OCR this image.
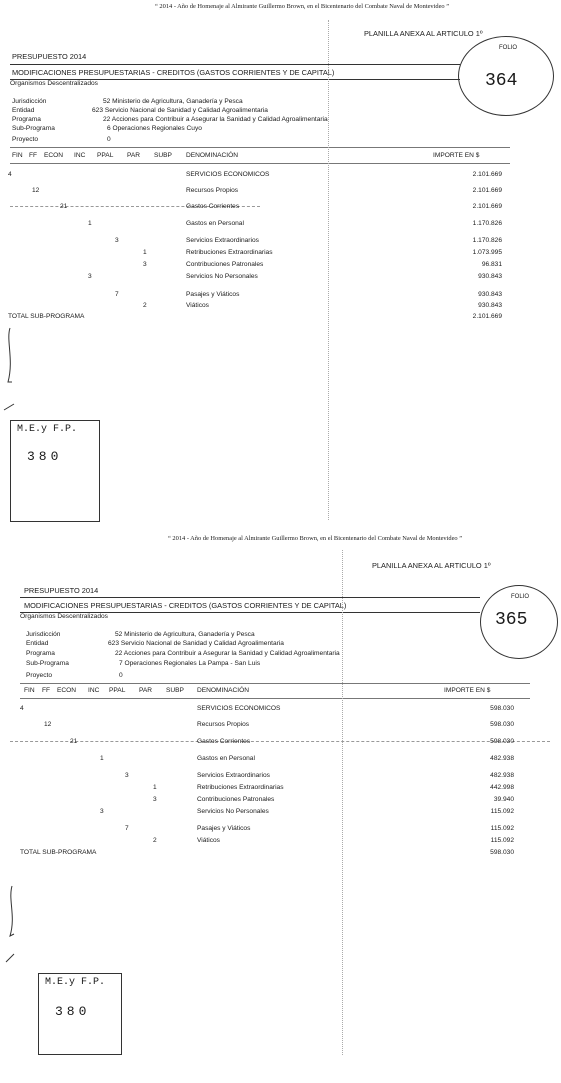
“ 2014 - Año de Homenaje al Almirante Guillermo Brown, en el Bicentenario del Combate Naval de Montevideo ”
PLANILLA ANEXA AL ARTICULO 1º
FOLIO
364
PRESUPUESTO 2014
MODIFICACIONES PRESUPUESTARIAS - CREDITOS (GASTOS CORRIENTES Y DE CAPITAL)
Organismos Descentralizados
Jurisdicción	52 Ministerio de Agricultura, Ganadería y Pesca
Entidad	623 Servicio Nacional de Sanidad y Calidad Agroalimentaria
Programa	22 Acciones para Contribuir a Asegurar la Sanidad y Calidad Agroalimentaria
Sub-Programa	6 Operaciones Regionales Cuyo
Proyecto	0
FIN FF ECON INC PPAL PAR SUBP DENOMINACIÓN	IMPORTE EN $
4	SERVICIOS ECONOMICOS	2.101.669
12	Recursos Propios	2.101.669
21	Gastos Corrientes	2.101.669
1	Gastos en Personal	1.170.826
3	Servicios Extraordinarios	1.170.826
1	Retribuciones Extraordinarias	1.073.995
3	Contribuciones Patronales	96.831
3	Servicios No Personales	930.843
7	Pasajes y Viáticos	930.843
2	Viáticos	930.843
TOTAL SUB-PROGRAMA	2.101.669
M.E.y F.P.
380
“ 2014 - Año de Homenaje al Almirante Guillermo Brown, en el Bicentenario del Combate Naval de Montevideo ”
PLANILLA ANEXA AL ARTICULO 1º
FOLIO
365
PRESUPUESTO 2014
MODIFICACIONES PRESUPUESTARIAS - CREDITOS (GASTOS CORRIENTES Y DE CAPITAL)
Organismos Descentralizados
Jurisdicción	52 Ministerio de Agricultura, Ganadería y Pesca
Entidad	623 Servicio Nacional de Sanidad y Calidad Agroalimentaria
Programa	22 Acciones para Contribuir a Asegurar la Sanidad y Calidad Agroalimentaria
Sub-Programa	7 Operaciones Regionales La Pampa - San Luis
Proyecto	0
FIN FF ECON INC PPAL PAR SUBP DENOMINACIÓN	IMPORTE EN $
4	SERVICIOS ECONOMICOS	598.030
12	Recursos Propios	598.030
21	Gastos Corrientes	598.030
1	Gastos en Personal	482.938
3	Servicios Extraordinarios	482.938
1	Retribuciones Extraordinarias	442.998
3	Contribuciones Patronales	39.940
3	Servicios No Personales	115.092
7	Pasajes y Viáticos	115.092
2	Viáticos	115.092
TOTAL SUB-PROGRAMA	598.030
M.E.y F.P.
380
